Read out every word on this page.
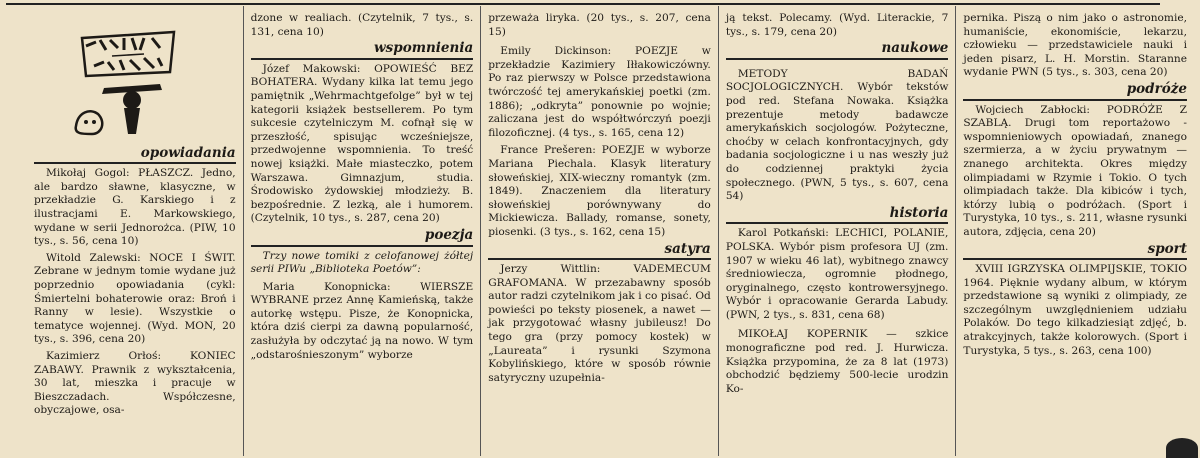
opowiadania

Mikołaj Gogol: PŁASZCZ. Jedno, ale bardzo sławne, klasyczne, w przekładzie G. Karskiego i z ilustracjami E. Markowskiego, wydane w serii Jednorożca. (PIW, 10 tys., s. 56, cena 10)

Witold Zalewski: NOCE I ŚWIT. Zebrane w jednym tomie wydane już poprzednio opowiadania (cykl: Śmiertelni bohaterowie oraz: Broń i Ranny w lesie). Wszystkie o tematyce wojennej. (Wyd. MON, 20 tys., s. 396, cena 20)

Kazimierz Orłoś: KONIEC ZABAWY. Prawnik z wykształcenia, 30 lat, mieszka i pracuje w Bieszczadach. Współczesne, obyczajowe, osa-

dzone w realiach. (Czytelnik, 7 tys., s. 131, cena 10)

wspomnienia

Józef Makowski: OPOWIEŚĆ BEZ BOHATERA. Wydany kilka lat temu jego pamiętnik „Wehrmachtgefolge” był w tej kategorii książek bestsellerem. Po tym sukcesie czytelniczym M. cofnął się w przeszłość, spisując wcześniejsze, przedwojenne wspomnienia. To treść nowej książki. Małe miasteczko, potem Warszawa. Gimnazjum, studia. Środowisko żydowskiej młodzieży. B. bezpośrednie. Z lezką, ale i humorem. (Czytelnik, 10 tys., s. 287, cena 20)

poezja

Trzy nowe tomiki z celofanowej żółtej serii PIWu „Biblioteka Poetów”:

Maria Konopnicka: WIERSZE WYBRANE przez Annę Kamieńską, także autorkę wstępu. Pisze, że Konopnicka, która dziś cierpi za dawną popularność, zasłużyła by odczytać ją na nowo. W tym „odstarośnieszonym” wyborze

przeważa liryka. (20 tys., s. 207, cena 15)

Emily Dickinson: POEZJE w przekładzie Kazimiery Iłłakowiczówny. Po raz pierwszy w Polsce przedstawiona twórczość tej amerykańskiej poetki (zm. 1886); „odkryta” ponownie po wojnie; zaliczana jest do współtwórczyń poezji filozoficznej. (4 tys., s. 165, cena 12)

France Prešeren: POEZJE w wyborze Mariana Piechala. Klasyk literatury słoweńskiej, XIX-wieczny romantyk (zm. 1849). Znaczeniem dla literatury słoweńskiej porównywany do Mickiewicza. Ballady, romanse, sonety, piosenki. (3 tys., s. 162, cena 15)

satyra

Jerzy Wittlin: VADEMECUM GRAFOMANA. W przezabawny sposób autor radzi czytelnikom jak i co pisać. Od powieści po teksty piosenek, a nawet — jak przygotować własny jubileusz! Do tego gra (przy pomocy kostek) w „Laureata” i rysunki Szymona Kobylińskiego, które w sposób równie satyryczny uzupełnia-

ją tekst. Polecamy. (Wyd. Literackie, 7 tys., s. 179, cena 20)

naukowe

METODY BADAŃ SOCJOLOGICZNYCH. Wybór tekstów pod red. Stefana Nowaka. Książka prezentuje metody badawcze amerykańskich socjologów. Pożyteczne, choćby w celach konfrontacyjnych, gdy badania socjologiczne i u nas weszły już do codziennej praktyki życia społecznego. (PWN, 5 tys., s. 607, cena 54)

historia

Karol Potkański: LECHICI, POLANIE, POLSKA. Wybór pism profesora UJ (zm. 1907 w wieku 46 lat), wybitnego znawcy średniowiecza, ogromnie płodnego, oryginalnego, często kontrowersyjnego. Wybór i opracowanie Gerarda Labudy. (PWN, 2 tys., s. 831, cena 68)

MIKOŁAJ KOPERNIK — szkice monograficzne pod red. J. Hurwicza. Książka przypomina, że za 8 lat (1973) obchodzić będziemy 500-lecie urodzin Ko-

pernika. Piszą o nim jako o astronomie, humaniście, ekonomiście, lekarzu, człowieku — przedstawiciele nauki i jeden pisarz, L. H. Morstin. Staranne wydanie PWN (5 tys., s. 303, cena 20)

podróże

Wojciech Zabłocki: PODRÓŻE Z SZABLĄ. Drugi tom reportażowo - wspomnieniowych opowiadań, znanego szermierza, a w życiu prywatnym — znanego architekta. Okres między olimpiadami w Rzymie i Tokio. O tych olimpiadach także. Dla kibiców i tych, którzy lubią o podróżach. (Sport i Turystyka, 10 tys., s. 211, własne rysunki autora, zdjęcia, cena 20)

sport

XVIII IGRZYSKA OLIMPIJSKIE, TOKIO 1964. Pięknie wydany album, w którym przedstawione są wyniki z olimpiady, ze szczególnym uwzględnieniem udziału Polaków. Do tego kilkadziesiąt zdjęć, b. atrakcyjnych, także kolorowych. (Sport i Turystyka, 5 tys., s. 263, cena 100)
